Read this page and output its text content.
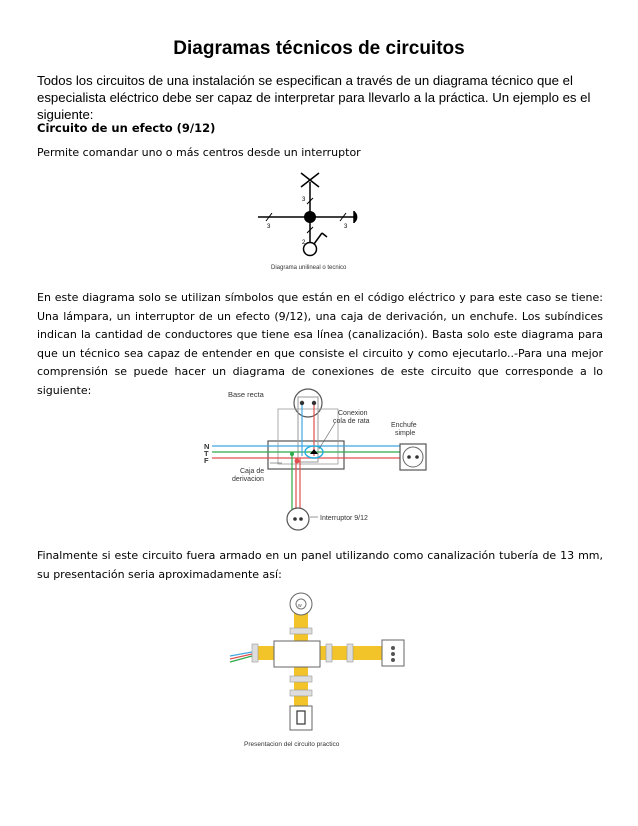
Diagramas técnicos de circuitos
Todos los circuitos de una instalación se especifican a través de un diagrama técnico que el especialista eléctrico debe ser capaz de interpretar para llevarlo a la práctica. Un ejemplo es el siguiente:
Circuito de un efecto (9/12)
Permite comandar uno o más centros desde un interruptor
3
3	3
2
Diagrama unilineal o tecnico
En este diagrama solo se utilizan símbolos que están en el código eléctrico y para este caso se tiene: Una lámpara, un interruptor de un efecto (9/12), una caja de derivación, un enchufe. Los subíndices indican la cantidad de conductores que tiene esa línea (canalización). Basta solo este diagrama para que un técnico sea capaz de entender en que consiste el circuito y como ejecutarlo..-Para una mejor comprensión se puede hacer un diagrama de conexiones de este circuito que corresponde a lo siguiente:	Base recta
Conexion
cola de rata
Enchufe
simple
N
T
F
Caja de
derivacion
Interruptor 9/12
Finalmente si este circuito fuera armado en un panel utilizando como canalización tubería de 13 mm, su presentación seria aproximadamente así:
w
Presentacion del circuito practico
